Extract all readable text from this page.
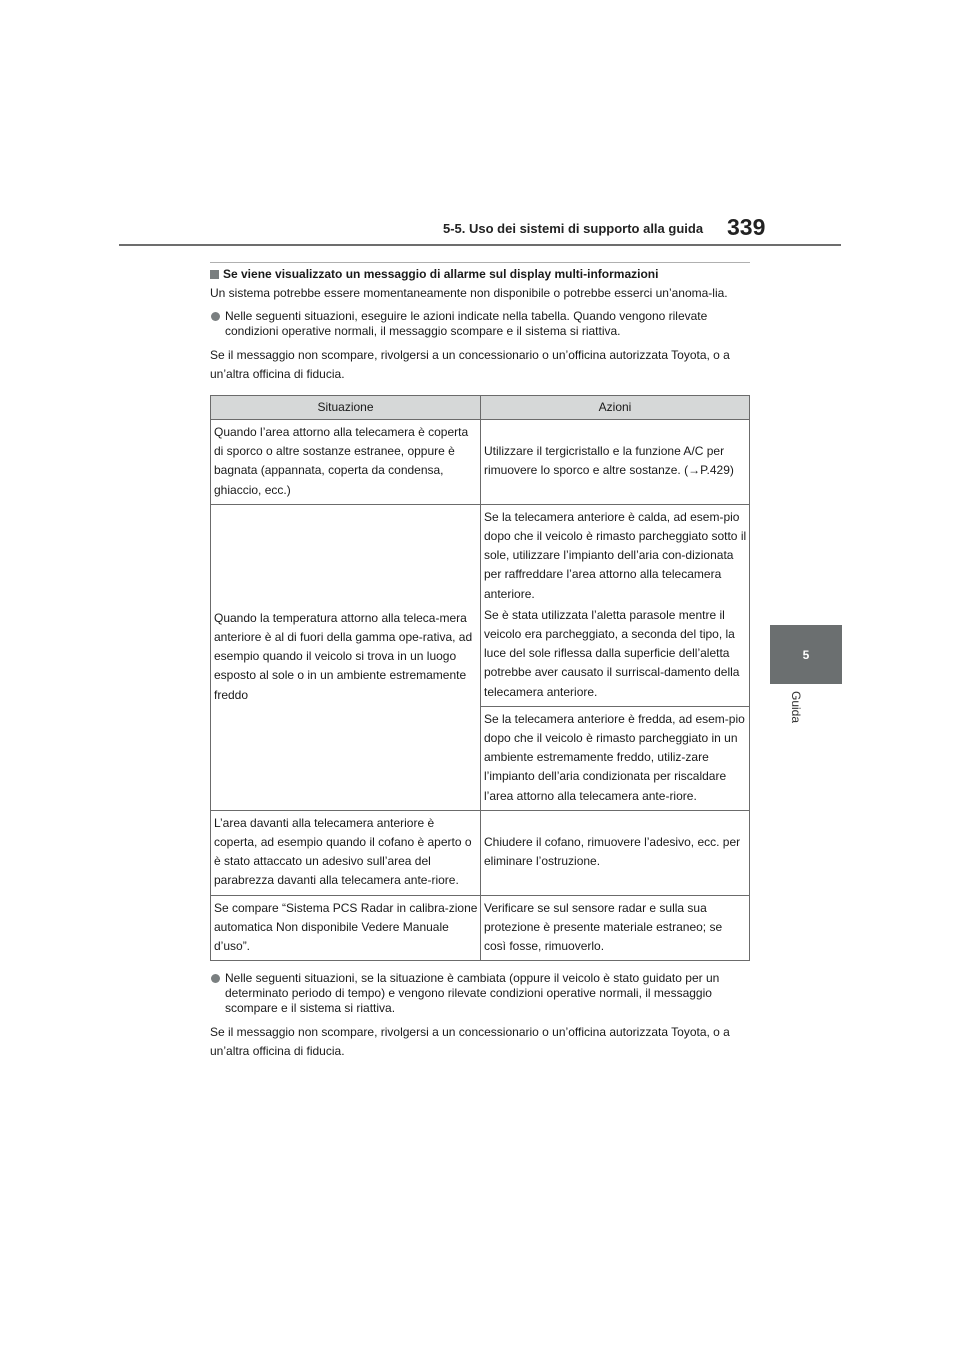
5-5. Uso dei sistemi di supporto alla guida 339
5
Guida
Se viene visualizzato un messaggio di allarme sul display multi-informazioni

Un sistema potrebbe essere momentaneamente non disponibile o potrebbe esserci un’anoma-lia.

Nelle seguenti situazioni, eseguire le azioni indicate nella tabella. Quando vengono rilevate condizioni operative normali, il messaggio scompare e il sistema si riattiva.

Se il messaggio non scompare, rivolgersi a un concessionario o un’officina autorizzata Toyota, o a un’altra officina di fiducia.

Situazione	Azioni
Quando l’area attorno alla telecamera è coperta di sporco o altre sostanze estranee, oppure è bagnata (appannata, coperta da condensa, ghiaccio, ecc.)	Utilizzare il tergicristallo e la funzione A/C per rimuovere lo sporco e altre sostanze. (→P.429)
Quando la temperatura attorno alla teleca-mera anteriore è al di fuori della gamma ope-rativa, ad esempio quando il veicolo si trova in un luogo esposto al sole o in un ambiente estremamente freddo	Se la telecamera anteriore è calda, ad esem-pio dopo che il veicolo è rimasto parcheggiato sotto il sole, utilizzare l’impianto dell’aria con-dizionata per raffreddare l’area attorno alla telecamera anteriore.
Se è stata utilizzata l’aletta parasole mentre il veicolo era parcheggiato, a seconda del tipo, la luce del sole riflessa dalla superficie dell’aletta potrebbe aver causato il surriscal-damento della telecamera anteriore.

	Se la telecamera anteriore è fredda, ad esem-pio dopo che il veicolo è rimasto parcheggiato in un ambiente estremamente freddo, utiliz-zare l’impianto dell’aria condizionata per riscaldare l’area attorno alla telecamera ante-riore.
L’area davanti alla telecamera anteriore è coperta, ad esempio quando il cofano è aperto o è stato attaccato un adesivo sull’area del parabrezza davanti alla telecamera ante-riore.	Chiudere il cofano, rimuovere l’adesivo, ecc. per eliminare l’ostruzione.
Se compare “Sistema PCS Radar in calibra-zione automatica Non disponibile Vedere Manuale d’uso”.	Verificare se sul sensore radar e sulla sua protezione è presente materiale estraneo; se così fosse, rimuoverlo.
Nelle seguenti situazioni, se la situazione è cambiata (oppure il veicolo è stato guidato per un determinato periodo di tempo) e vengono rilevate condizioni operative normali, il messaggio scompare e il sistema si riattiva.

Se il messaggio non scompare, rivolgersi a un concessionario o un’officina autorizzata Toyota, o a un’altra officina di fiducia.
